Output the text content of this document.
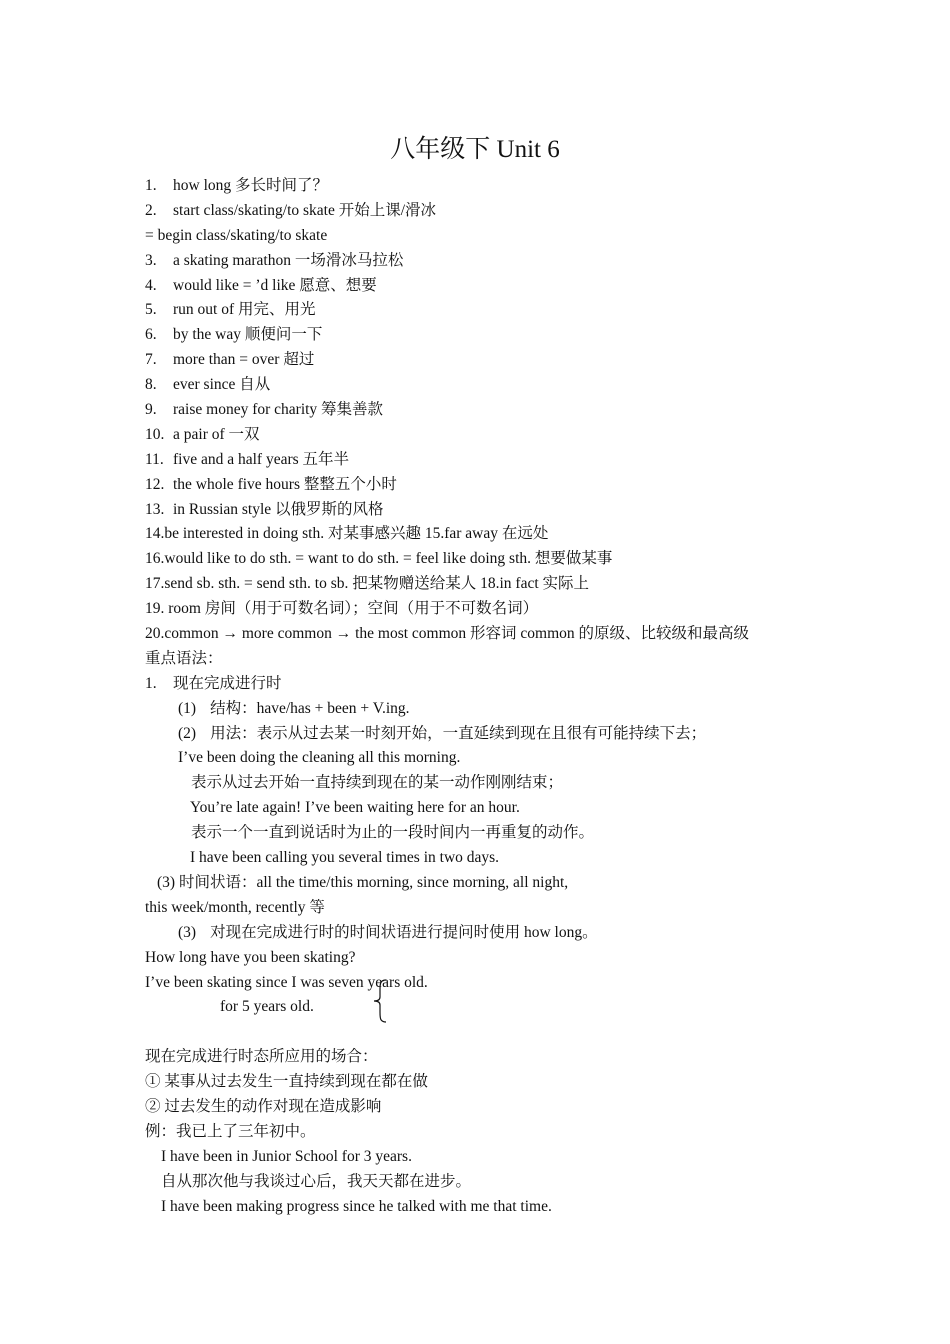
八年级下 Unit 6
1. how long 多长时间了？
2. start class/skating/to skate 开始上课/滑冰
= begin class/skating/to skate
3. a skating marathon 一场滑冰马拉松
4. would like = ’d like 愿意、想要
5. run out of 用完、用光
6. by the way 顺便问一下
7. more than = over 超过
8. ever since 自从
9. raise money for charity 筹集善款
10. a pair of 一双
11. five and a half years 五年半
12. the whole five hours 整整五个小时
13. in Russian style 以俄罗斯的风格
14.be interested in doing sth. 对某事感兴趣 15.far away 在远处
16.would like to do sth. = want to do sth. = feel like doing sth. 想要做某事
17.send sb. sth. = send sth. to sb. 把某物赠送给某人 18.in fact 实际上
19. room 房间（用于可数名词）；空间（用于不可数名词）
20.common → more common → the most common 形容词 common 的原级、比较级和最高级
重点语法：
1. 现在完成进行时
(1) 结构：have/has + been + V.ing.
(2) 用法：表示从过去某一时刻开始，一直延续到现在且很有可能持续下去；
I’ve been doing the cleaning all this morning.
表示从过去开始一直持续到现在的某一动作刚刚结束；
You’re late again! I’ve been waiting here for an hour.
表示一个一直到说话时为止的一段时间内一再重复的动作。
I have been calling you several times in two days.
(3) 时间状语：all the time/this morning, since morning, all night,
this week/month, recently 等
(3) 对现在完成进行时的时间状语进行提问时使用 how long。
How long have you been skating?
I’ve been skating since I was seven years old.
for 5 years old.
现在完成进行时态所应用的场合：
① 某事从过去发生一直持续到现在都在做
② 过去发生的动作对现在造成影响
例：我已上了三年初中。
I have been in Junior School for 3 years.
自从那次他与我谈过心后，我天天都在进步。
I have been making progress since he talked with me that time.
